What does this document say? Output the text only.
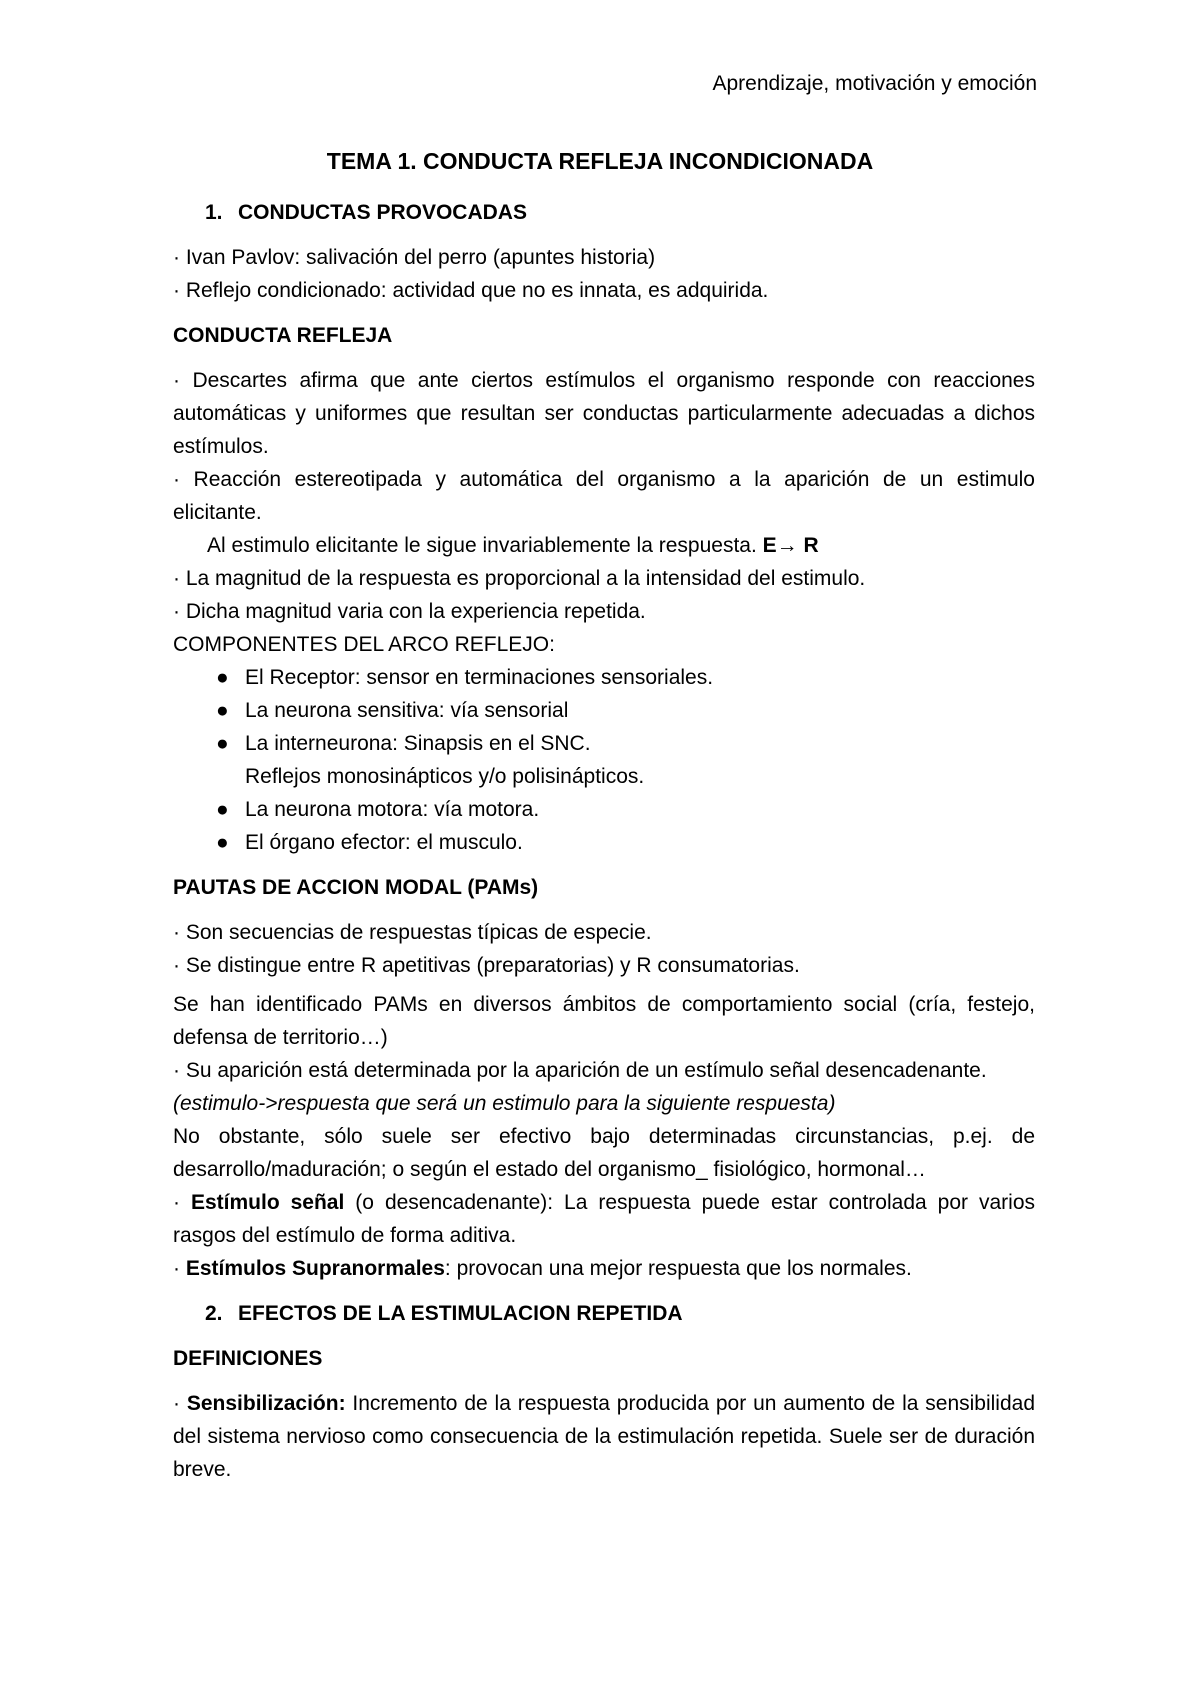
Aprendizaje, motivación y emoción
TEMA 1. CONDUCTA REFLEJA INCONDICIONADA

1. CONDUCTAS PROVOCADAS

· Ivan Pavlov: salivación del perro (apuntes historia)

· Reflejo condicionado: actividad que no es innata, es adquirida.

CONDUCTA REFLEJA

· Descartes afirma que ante ciertos estímulos el organismo responde con reacciones automáticas y uniformes que resultan ser conductas particularmente adecuadas a dichos estímulos.

· Reacción estereotipada y automática del organismo a la aparición de un estimulo elicitante.

Al estimulo elicitante le sigue invariablemente la respuesta. E→ R

· La magnitud de la respuesta es proporcional a la intensidad del estimulo.

· Dicha magnitud varia con la experiencia repetida.

COMPONENTES DEL ARCO REFLEJO:

● El Receptor: sensor en terminaciones sensoriales.
● La neurona sensitiva: vía sensorial
● La interneurona: Sinapsis en el SNC.

Reflejos monosinápticos y/o polisinápticos.

● La neurona motora: vía motora.
● El órgano efector: el musculo.

PAUTAS DE ACCION MODAL (PAMs)

· Son secuencias de respuestas típicas de especie.

· Se distingue entre R apetitivas (preparatorias) y R consumatorias.

Se han identificado PAMs en diversos ámbitos de comportamiento social (cría, festejo, defensa de territorio…)

· Su aparición está determinada por la aparición de un estímulo señal desencadenante.

(estimulo->respuesta que será un estimulo para la siguiente respuesta)

No obstante, sólo suele ser efectivo bajo determinadas circunstancias, p.ej. de desarrollo/maduración; o según el estado del organismo_ fisiológico, hormonal…

· Estímulo señal (o desencadenante): La respuesta puede estar controlada por varios rasgos del estímulo de forma aditiva.

· Estímulos Supranormales: provocan una mejor respuesta que los normales.

2. EFECTOS DE LA ESTIMULACION REPETIDA

DEFINICIONES

· Sensibilización: Incremento de la respuesta producida por un aumento de la sensibilidad del sistema nervioso como consecuencia de la estimulación repetida. Suele ser de duración breve.
